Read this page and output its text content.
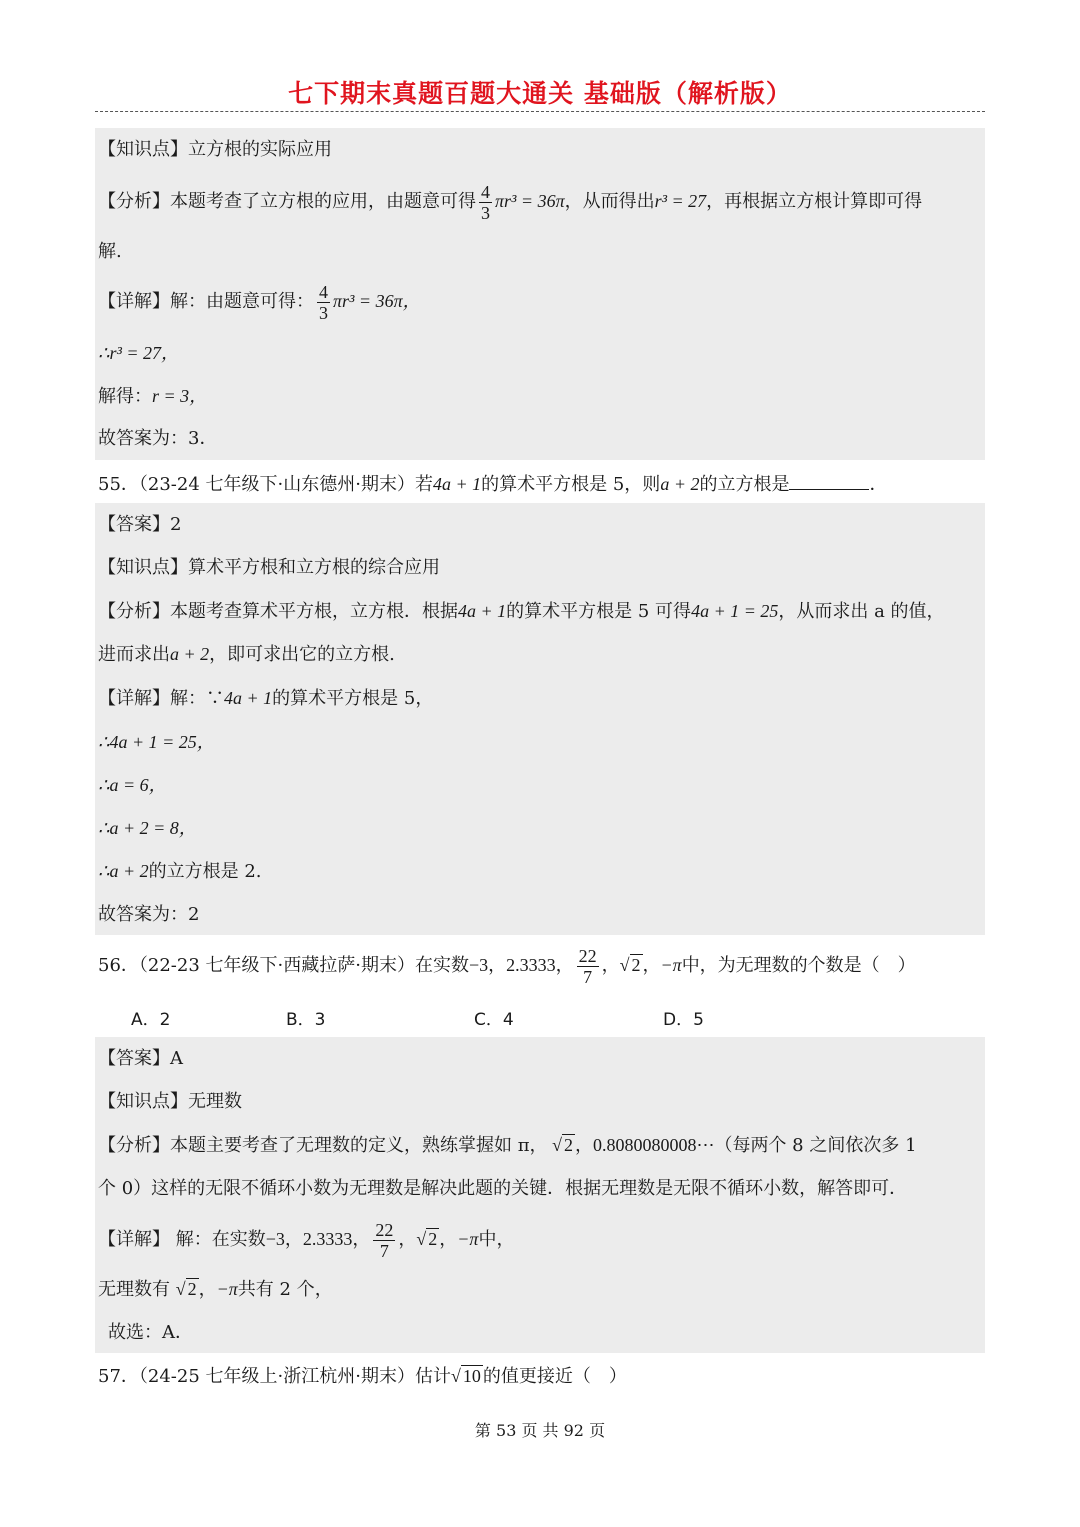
七下期末真题百题大通关 基础版（解析版）
【知识点】立方根的实际应用
【分析】本题考查了立方根的应用，由题意可得 $\frac{4}{3} \pi r^3 = 36\pi$，从而得出r³ = 27，再根据立方根计算即可得
解.
【详解】解：由题意可得： $\frac{4}{3} \pi r^3 = 36\pi$，
∴r³ = 27，
解得：r = 3，
故答案为：3．
55．（23-24 七年级下·山东德州·期末）若4a + 1的算术平方根是 5，则a + 2的立方根是	．
【答案】2
【知识点】算术平方根和立方根的综合应用
【分析】本题考查算术平方根，立方根．根据4a + 1的算术平方根是 5 可得4a + 1 = 25，从而求出 a 的值，
进而求出a + 2，即可求出它的立方根.
【详解】解：∵4a + 1的算术平方根是 5，
∴4a + 1 = 25，
∴a = 6，
∴a + 2 = 8，
∴a + 2的立方根是 2.
故答案为：2
56．（22-23 七年级下·西藏拉萨·期末）在实数−3，2.3333， $\frac{22}{7}$ ，√ 2 ，−π中，为无理数的个数是（　）
A．2	B．3	C．4	D．5
【答案】A
【知识点】无理数
【分析】本题主要考查了无理数的定义，熟练掌握如 π， √ 2 ，0.8080080008⋯（每两个 8 之间依次多 1
个 0）这样的无限不循环小数为无理数是解决此题的关键．根据无理数是无限不循环小数，解答即可．
【详解】 解：在实数−3，2.3333， $\frac{22}{7}$ ，√ 2 ，−π中，
无理数有 √ 2 ，−π共有 2 个，
故选：A．
57．（24-25 七年级上·浙江杭州·期末）估计√ 10 的值更接近（　）
第 53 页 共 92 页
